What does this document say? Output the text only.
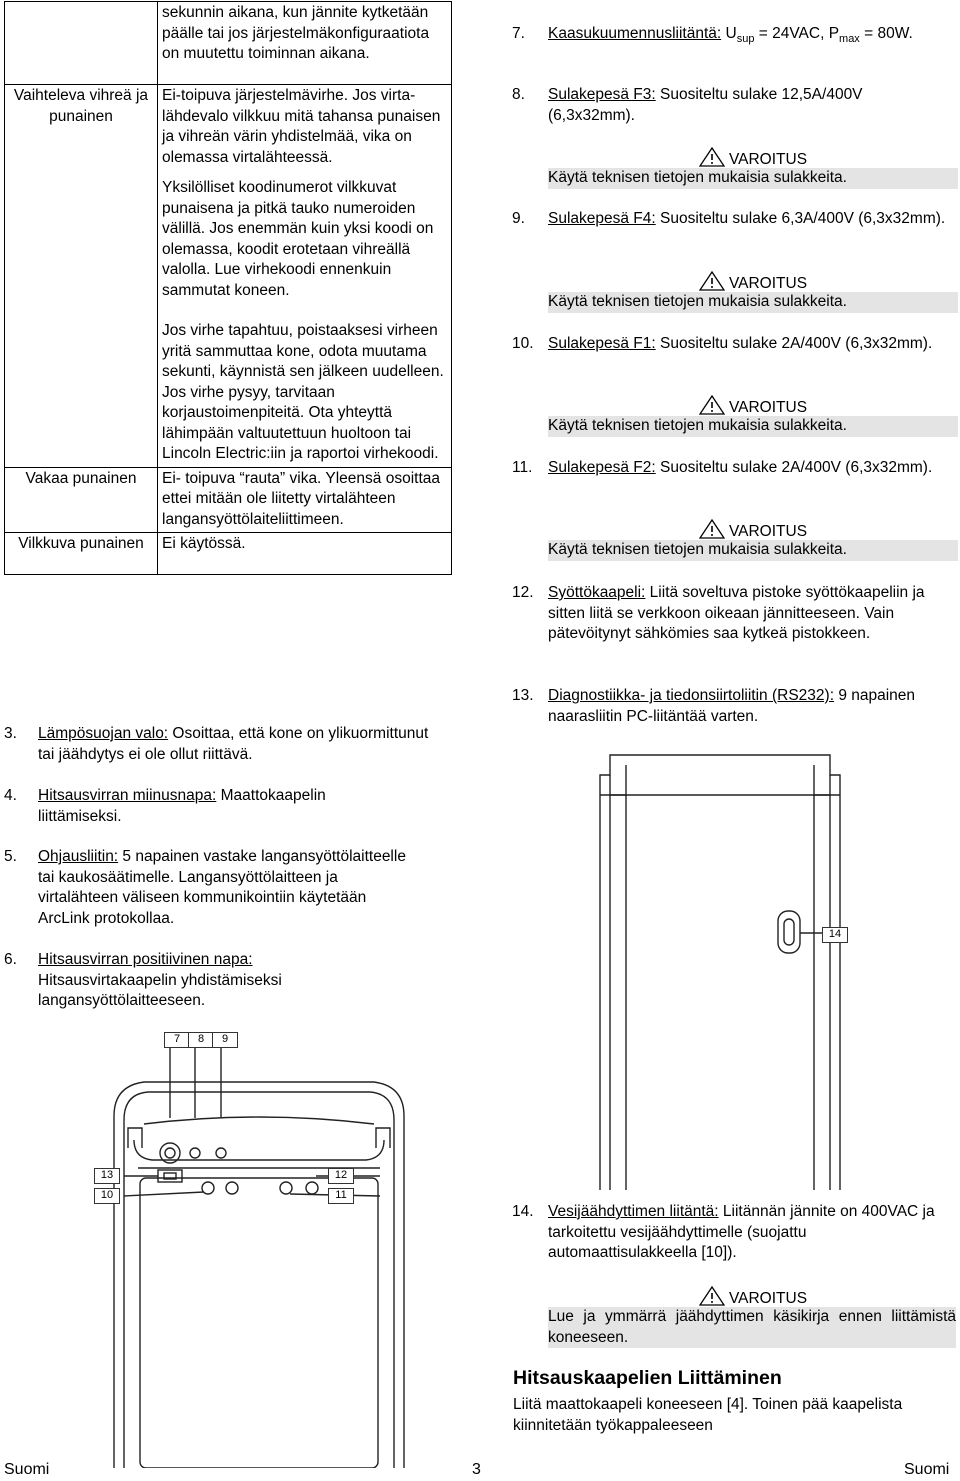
	sekunnin aikana, kun jännite kytketään päälle tai jos järjestelmäkonfiguraatiota on muutettu toiminnan aikana.
Vaihteleva vihreä ja punainen	Ei-toipuva järjestelmävirhe. Jos virta- lähdevalo vilkkuu mitä tahansa punaisen ja vihreän värin yhdistelmää, vika on olemassa virtalähteessä.

Yksilölliset koodinumerot vilkkuvat punaisena ja pitkä tauko numeroiden välillä. Jos enemmän kuin yksi koodi on olemassa, koodit erotetaan vihreällä valolla. Lue virhekoodi ennenkuin sammutat koneen.

Jos virhe tapahtuu, poistaaksesi virheen yritä sammuttaa kone, odota muutama sekunti, käynnistä sen jälkeen uudelleen. Jos virhe pysyy, tarvitaan korjaustoimenpiteitä. Ota yhteyttä lähimpään valtuutettuun huoltoon tai Lincoln Electric:iin ja raportoi virhekoodi.

Vakaa punainen	Ei- toipuva “rauta” vika. Yleensä osoittaa ettei mitään ole liitetty virtalähteen langansyöttölaiteliittimeen.
Vilkkuva punainen	Ei käytössä.
3. Lämpösuojan valo: Osoittaa, että kone on ylikuormittunut tai jäähdytys ei ole ollut riittävä.
4. Hitsausvirran miinusnapa: Maattokaapelin liittämiseksi.
5. Ohjausliitin: 5 napainen vastake langansyöttölaitteelle tai kaukosäätimelle. Langansyöttölaitteen ja virtalähteen väliseen kommunikointiin käytetään ArcLink protokollaa.
6. Hitsausvirran positiivinen napa: Hitsausvirtakaapelin yhdistämiseksi langansyöttölaitteeseen.
7	8	9
13
10
12
11
7. Kaasukuumennusliitäntä: $U_{sup} = 24VAC$, $P_{max} = 80W$.
8. Sulakepesä F3: Suositeltu sulake 12,5A/400V (6,3x32mm).
VAROITUS
Käytä teknisen tietojen mukaisia sulakkeita.
9. Sulakepesä F4: Suositeltu sulake 6,3A/400V (6,3x32mm).
VAROITUS
Käytä teknisen tietojen mukaisia sulakkeita.
10. Sulakepesä F1: Suositeltu sulake 2A/400V (6,3x32mm).
VAROITUS
Käytä teknisen tietojen mukaisia sulakkeita.
11. Sulakepesä F2: Suositeltu sulake 2A/400V (6,3x32mm).
VAROITUS
Käytä teknisen tietojen mukaisia sulakkeita.
12. Syöttökaapeli: Liitä soveltuva pistoke syöttökaapeliin ja sitten liitä se verkkoon oikeaan jännitteeseen. Vain pätevöitynyt sähkömies saa kytkeä pistokkeen.
13. Diagnostiikka- ja tiedonsiirtoliitin (RS232): 9 napainen naarasliitin PC-liitäntää varten.
14
14. Vesijäähdyttimen liitäntä: Liitännän jännite on 400VAC ja tarkoitettu vesijäähdyttimelle (suojattu automaattisulakkeella [10]).
VAROITUS
Lue ja ymmärrä jäähdyttimen käsikirja ennen liittämistä koneeseen.
Hitsauskaapelien Liittäminen
Liitä maattokaapeli koneeseen [4]. Toinen pää kaapelista kiinnitetään työkappaleeseen
Suomi	3	Suomi
